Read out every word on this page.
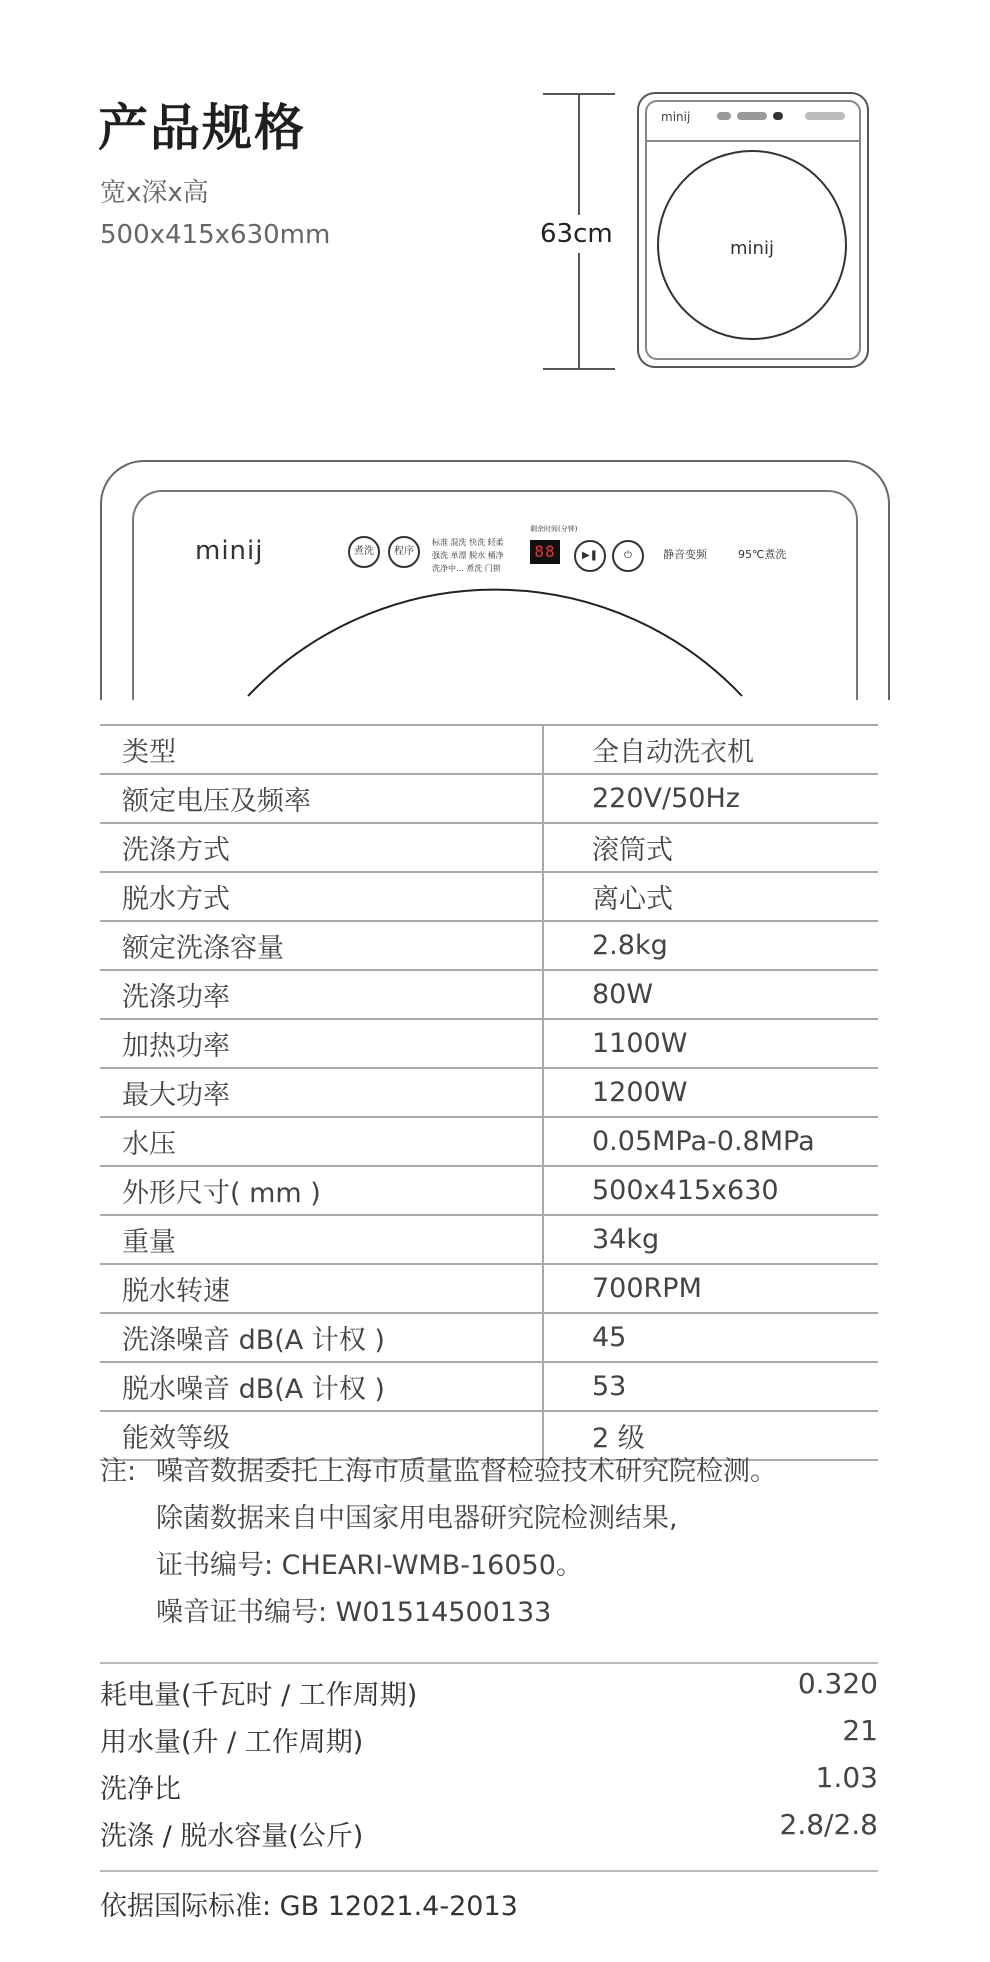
产品规格
宽x深x高
500x415x630mm	63cm
minij
minij
minij	煮洗	程序
标准 混洗 快洗 轻柔
强洗 单漂 脱水 桶净
洗净中... 煮洗 门锁
剩余时间(分钟)
88	▶❚	⏻	静音变频	95℃煮洗
类型	全自动洗衣机
额定电压及频率	220V/50Hz
洗涤方式	滚筒式
脱水方式	离心式
额定洗涤容量	2.8kg
洗涤功率	80W
加热功率	1100W
最大功率	1200W
水压	0.05MPa-0.8MPa
外形尺寸( mm )	500x415x630
重量	34kg
脱水转速	700RPM
洗涤噪音 dB(A 计权 )	45
脱水噪音 dB(A 计权 )	53
能效等级	2 级
注: 噪音数据委托上海市质量监督检验技术研究院检测。
除菌数据来自中国家用电器研究院检测结果,
证书编号: CHEARI-WMB-16050。
噪音证书编号: W01514500133
耗电量(千瓦时 / 工作周期)	0.320
用水量(升 / 工作周期)	21
洗净比	1.03
洗涤 / 脱水容量(公斤)	2.8/2.8
依据国际标准: GB 12021.4-2013
